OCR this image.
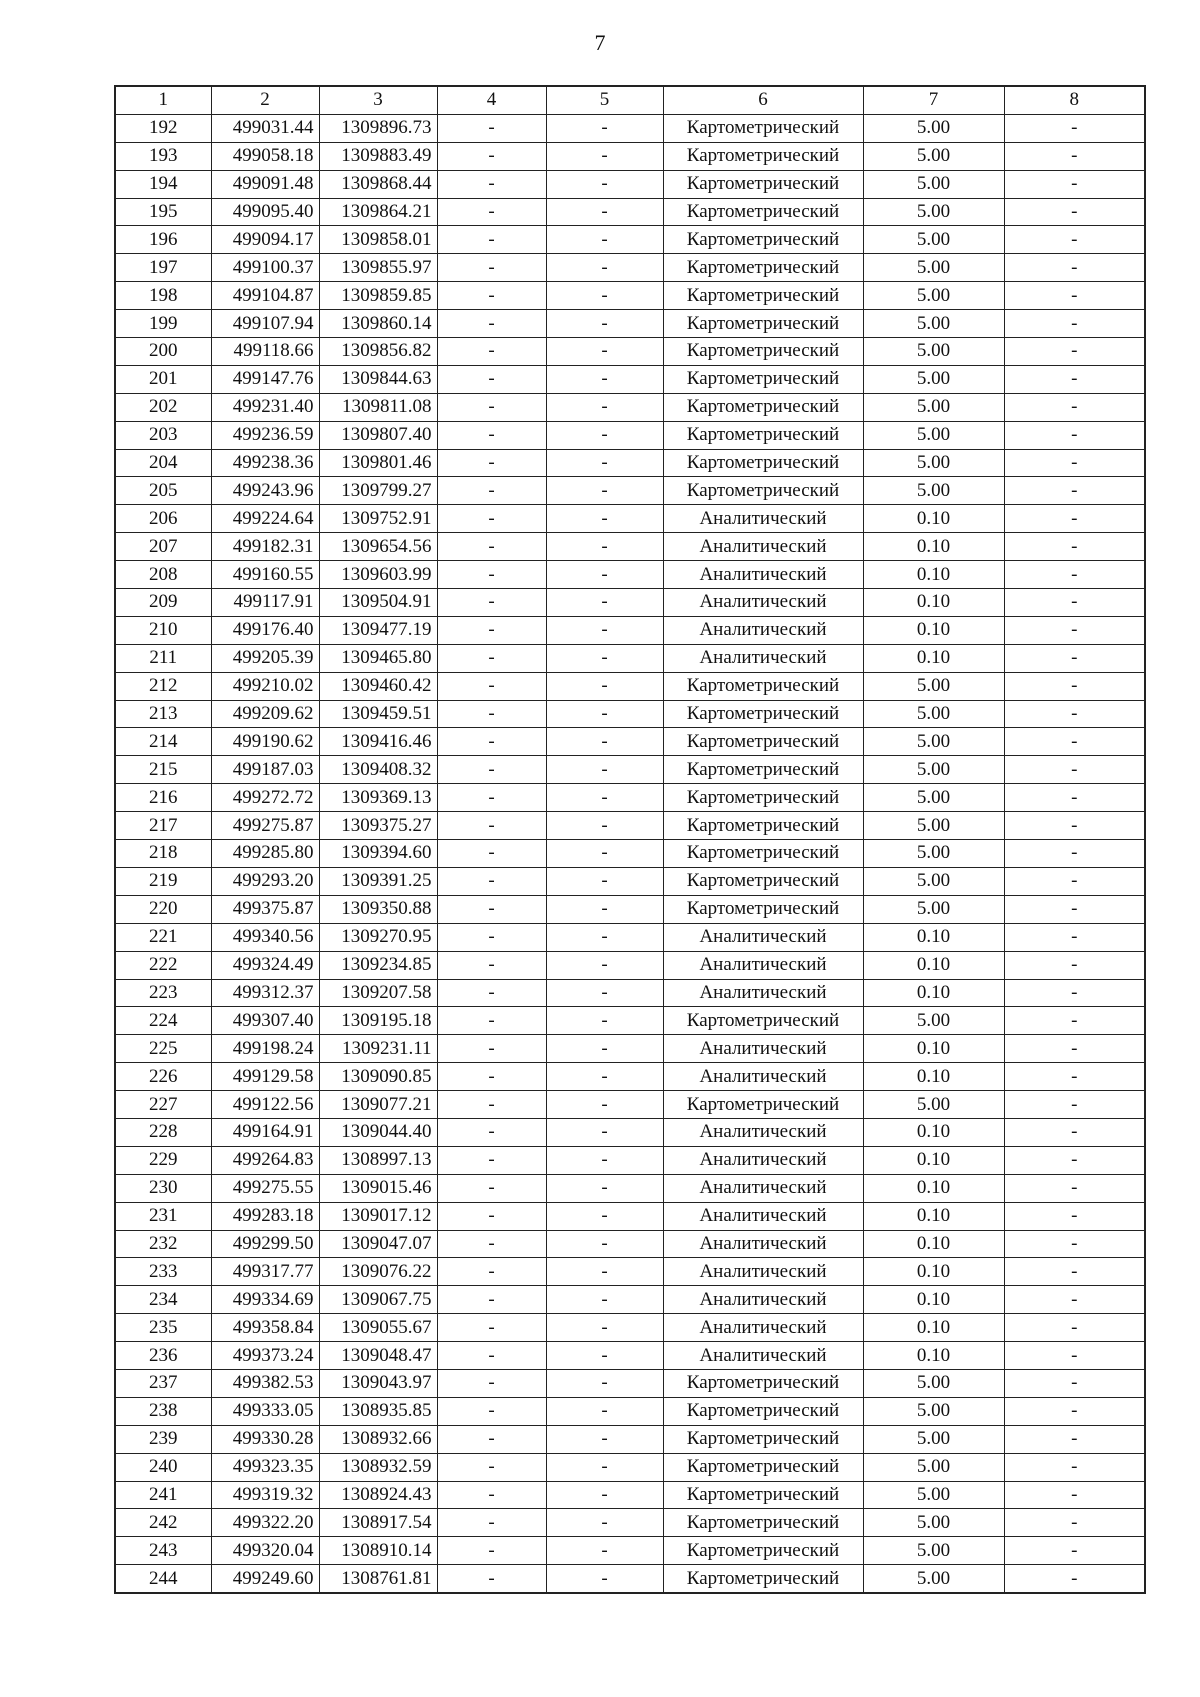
7
1	2	3	4	5	6	7	8
192	499031.44	1309896.73	-	-	Картометрический	5.00	-
193	499058.18	1309883.49	-	-	Картометрический	5.00	-
194	499091.48	1309868.44	-	-	Картометрический	5.00	-
195	499095.40	1309864.21	-	-	Картометрический	5.00	-
196	499094.17	1309858.01	-	-	Картометрический	5.00	-
197	499100.37	1309855.97	-	-	Картометрический	5.00	-
198	499104.87	1309859.85	-	-	Картометрический	5.00	-
199	499107.94	1309860.14	-	-	Картометрический	5.00	-
200	499118.66	1309856.82	-	-	Картометрический	5.00	-
201	499147.76	1309844.63	-	-	Картометрический	5.00	-
202	499231.40	1309811.08	-	-	Картометрический	5.00	-
203	499236.59	1309807.40	-	-	Картометрический	5.00	-
204	499238.36	1309801.46	-	-	Картометрический	5.00	-
205	499243.96	1309799.27	-	-	Картометрический	5.00	-
206	499224.64	1309752.91	-	-	Аналитический	0.10	-
207	499182.31	1309654.56	-	-	Аналитический	0.10	-
208	499160.55	1309603.99	-	-	Аналитический	0.10	-
209	499117.91	1309504.91	-	-	Аналитический	0.10	-
210	499176.40	1309477.19	-	-	Аналитический	0.10	-
211	499205.39	1309465.80	-	-	Аналитический	0.10	-
212	499210.02	1309460.42	-	-	Картометрический	5.00	-
213	499209.62	1309459.51	-	-	Картометрический	5.00	-
214	499190.62	1309416.46	-	-	Картометрический	5.00	-
215	499187.03	1309408.32	-	-	Картометрический	5.00	-
216	499272.72	1309369.13	-	-	Картометрический	5.00	-
217	499275.87	1309375.27	-	-	Картометрический	5.00	-
218	499285.80	1309394.60	-	-	Картометрический	5.00	-
219	499293.20	1309391.25	-	-	Картометрический	5.00	-
220	499375.87	1309350.88	-	-	Картометрический	5.00	-
221	499340.56	1309270.95	-	-	Аналитический	0.10	-
222	499324.49	1309234.85	-	-	Аналитический	0.10	-
223	499312.37	1309207.58	-	-	Аналитический	0.10	-
224	499307.40	1309195.18	-	-	Картометрический	5.00	-
225	499198.24	1309231.11	-	-	Аналитический	0.10	-
226	499129.58	1309090.85	-	-	Аналитический	0.10	-
227	499122.56	1309077.21	-	-	Картометрический	5.00	-
228	499164.91	1309044.40	-	-	Аналитический	0.10	-
229	499264.83	1308997.13	-	-	Аналитический	0.10	-
230	499275.55	1309015.46	-	-	Аналитический	0.10	-
231	499283.18	1309017.12	-	-	Аналитический	0.10	-
232	499299.50	1309047.07	-	-	Аналитический	0.10	-
233	499317.77	1309076.22	-	-	Аналитический	0.10	-
234	499334.69	1309067.75	-	-	Аналитический	0.10	-
235	499358.84	1309055.67	-	-	Аналитический	0.10	-
236	499373.24	1309048.47	-	-	Аналитический	0.10	-
237	499382.53	1309043.97	-	-	Картометрический	5.00	-
238	499333.05	1308935.85	-	-	Картометрический	5.00	-
239	499330.28	1308932.66	-	-	Картометрический	5.00	-
240	499323.35	1308932.59	-	-	Картометрический	5.00	-
241	499319.32	1308924.43	-	-	Картометрический	5.00	-
242	499322.20	1308917.54	-	-	Картометрический	5.00	-
243	499320.04	1308910.14	-	-	Картометрический	5.00	-
244	499249.60	1308761.81	-	-	Картометрический	5.00	-
